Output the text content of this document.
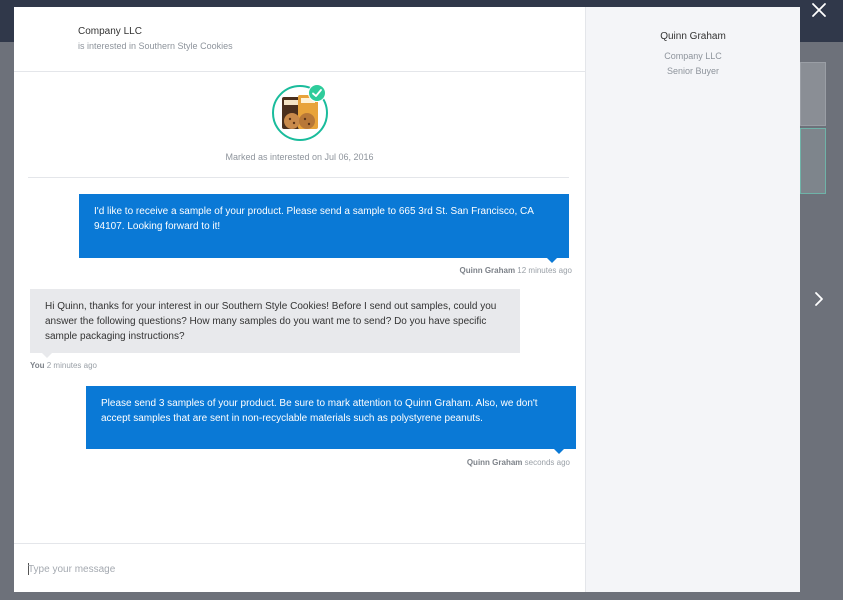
Company LLC
is interested in Southern Style Cookies
Marked as interested on Jul 06, 2016
I'd like to receive a sample of your product. Please send a sample to 665 3rd St. San Francisco, CA 94107. Looking forward to it!
Quinn Graham 12 minutes ago
Hi Quinn, thanks for your interest in our Southern Style Cookies! Before I send out samples, could you answer the following questions? How many samples do you want me to send? Do you have specific sample packaging instructions?
You 2 minutes ago
Please send 3 samples of your product. Be sure to mark attention to Quinn Graham. Also, we don't accept samples that are sent in non-recyclable materials such as polystyrene peanuts.
Quinn Graham seconds ago
Type your message
Quinn Graham
Company LLC
Senior Buyer
